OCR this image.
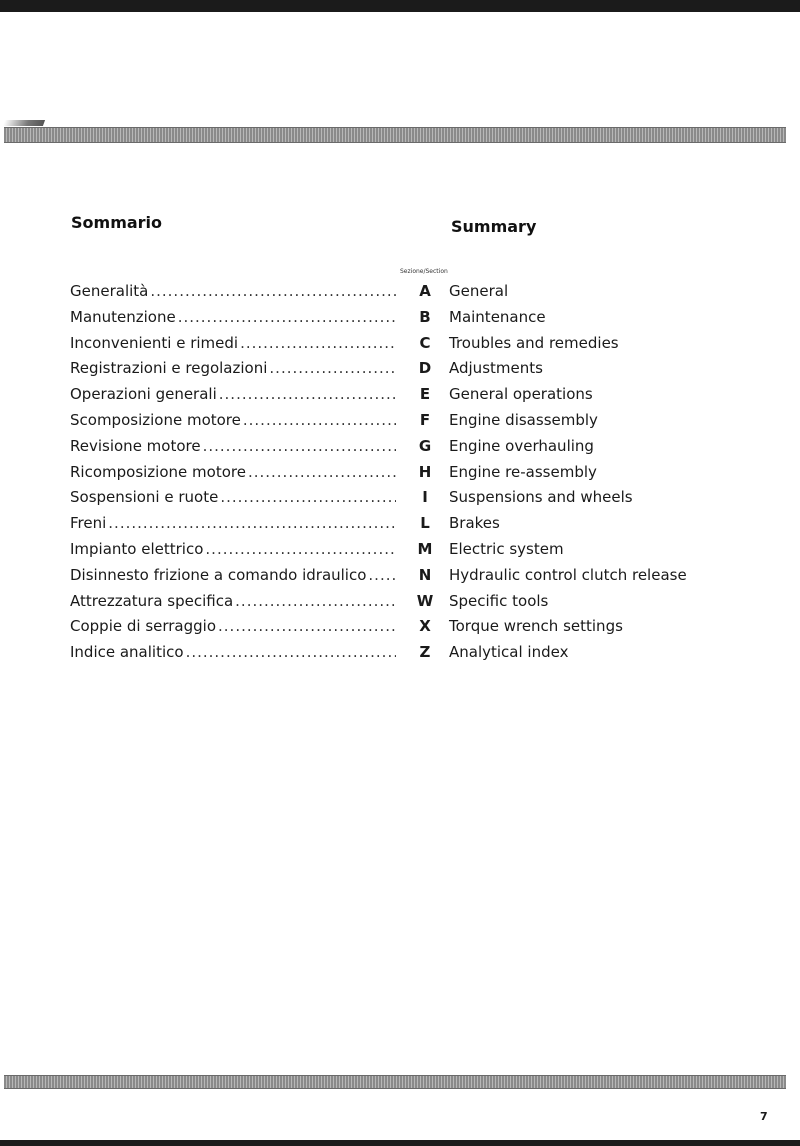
Sommario	Summary
Sezione/Section
Generalità .....	A	General
Manutenzione .....	B	Maintenance
Inconvenienti e rimedi .....	C	Troubles and remedies
Registrazioni e regolazioni .....	D	Adjustments
Operazioni generali .....	E	General operations
Scomposizione motore .....	F	Engine disassembly
Revisione motore .....	G	Engine overhauling
Ricomposizione motore .....	H	Engine re-assembly
Sospensioni e ruote .....	I	Suspensions and wheels
Freni .....	L	Brakes
Impianto elettrico .....	M Electric system
Disinnesto frizione a comando idraulico .....	N	Hydraulic control clutch release
Attrezzatura specifica .....	W Specific tools
Coppie di serraggio .....	X	Torque wrench settings
Indice analitico .....	Z	Analytical index
7
